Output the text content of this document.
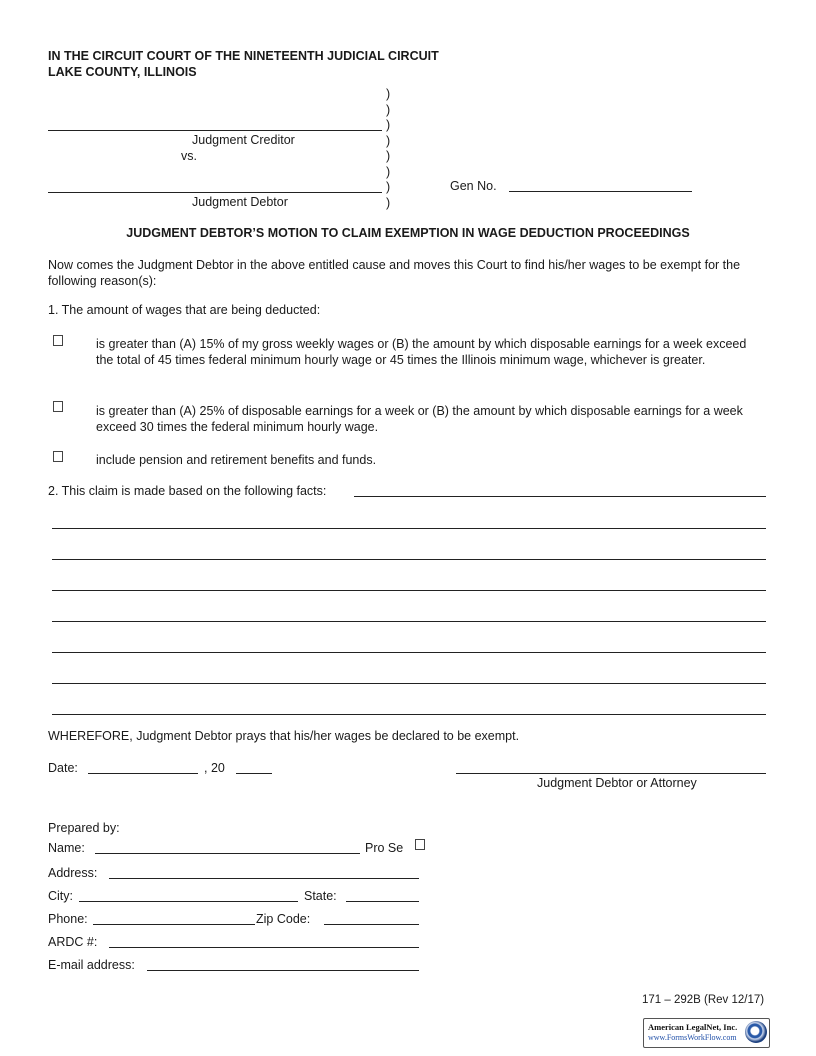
IN THE CIRCUIT COURT OF THE NINETEENTH JUDICIAL CIRCUIT
LAKE COUNTY, ILLINOIS
)
)
)
)
)
)
)
)
Judgment Creditor
vs.
Judgment Debtor
Gen No.
JUDGMENT DEBTOR’S MOTION TO CLAIM EXEMPTION IN WAGE DEDUCTION PROCEEDINGS
Now comes the Judgment Debtor in the above entitled cause and moves this Court to find his/her wages to be exempt for the following reason(s):
1. The amount of wages that are being deducted:
is greater than (A) 15% of my gross weekly wages or (B) the amount by which disposable earnings for a week exceed the total of 45 times federal minimum hourly wage or 45 times the Illinois minimum wage, whichever is greater.
is greater than (A) 25% of disposable earnings for a week or (B) the amount by which disposable earnings for a week exceed 30 times the federal minimum hourly wage.
include pension and retirement benefits and funds.
2. This claim is made based on the following facts:
WHEREFORE, Judgment Debtor prays that his/her wages be declared to be exempt.
Date:	, 20
Judgment Debtor or Attorney
Prepared by:
Name:	Pro Se
Address:
City:	State:
Phone:	Zip Code:
ARDC #:
E-mail address:
171 – 292B (Rev 12/17)
American LegalNet, Inc.
www.FormsWorkFlow.com
